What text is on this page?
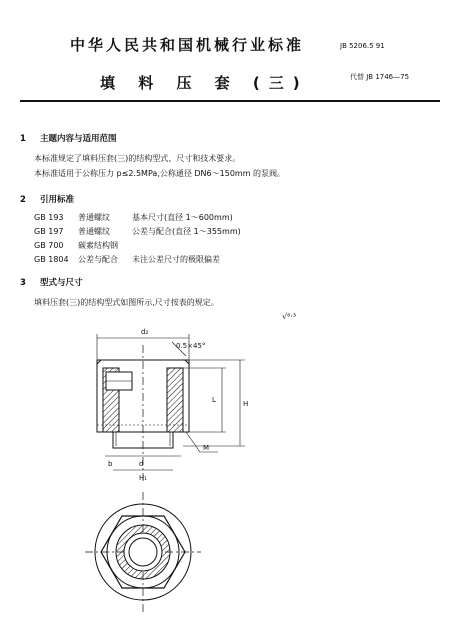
中华人民共和国机械行业标准	JB 5206.5 91
填 料 压 套 (三)	代替 JB 1746—75
1 主题内容与适用范围
本标准规定了填料压套(三)的结构型式、尺寸和技术要求。
本标准适用于公称压力 p≤2.5MPa,公称通径 DN6～150mm 的泵阀。
2 引用标准
GB 193 普通螺纹	基本尺寸(直径 1～600mm)
GB 197 普通螺纹	公差与配合(直径 1～355mm)
GB 700 碳素结构钢
GB 1804 公差与配合 未注公差尺寸的极限偏差
3 型式与尺寸
填料压套(三)的结构型式如图所示,尺寸按表的规定。
√⁶·³
0.5×45°
d₂
H
L
d
H₁
M
b
